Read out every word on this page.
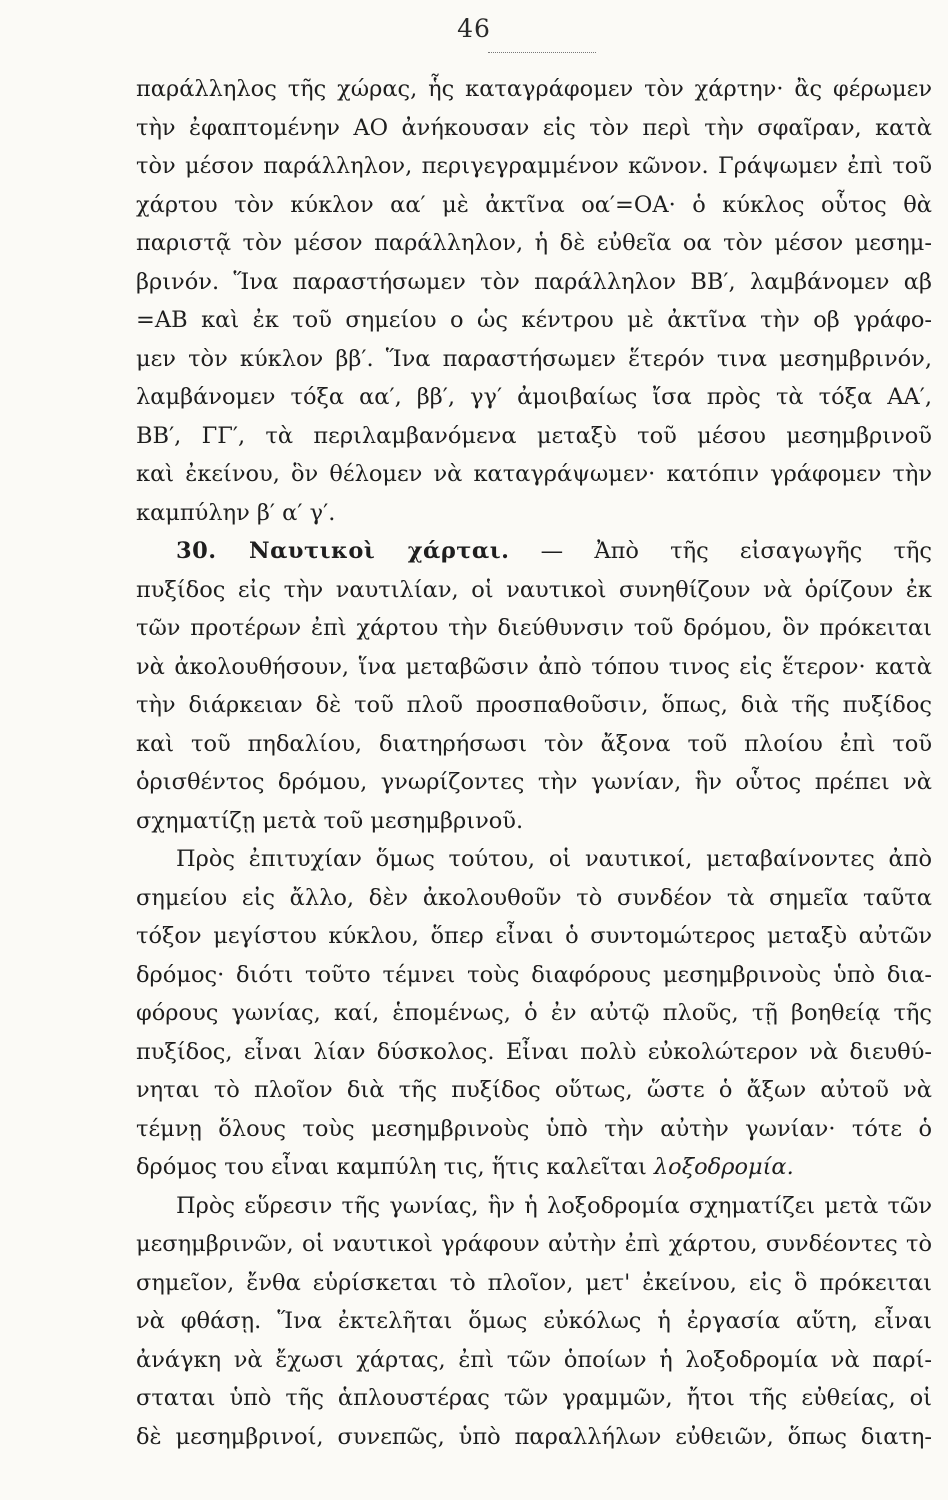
46
παράλληλος τῆς χώρας, ἧς καταγράφομεν τὸν χάρτην· ἂς φέρωμεν
τὴν ἐφαπτομένην ΑΟ ἀνήκουσαν εἰς τὸν περὶ τὴν σφαῖραν, κατὰ
τὸν μέσον παράλληλον, περιγεγραμμένον κῶνον. Γράψωμεν ἐπὶ τοῦ
χάρτου τὸν κύκλον αα′ μὲ ἀκτῖνα οα′=ΟΑ· ὁ κύκλος οὗτος θὰ
παριστᾷ τὸν μέσον παράλληλον, ἡ δὲ εὐθεῖα οα τὸν μέσον μεσημ-
βρινόν. Ἵνα παραστήσωμεν τὸν παράλληλον ΒΒ′, λαμβάνομεν αβ
=ΑΒ καὶ ἐκ τοῦ σημείου ο ὡς κέντρου μὲ ἀκτῖνα τὴν οβ γράφο-
μεν τὸν κύκλον ββ′. Ἵνα παραστήσωμεν ἕτερόν τινα μεσημβρινόν,
λαμβάνομεν τόξα αα′, ββ′, γγ′ ἀμοιβαίως ἴσα πρὸς τὰ τόξα ΑΑ′,
ΒΒ′, ΓΓ′, τὰ περιλαμβανόμενα μεταξὺ τοῦ μέσου μεσημβρινοῦ
καὶ ἐκείνου, ὃν θέλομεν νὰ καταγράψωμεν· κατόπιν γράφομεν τὴν
καμπύλην β′ α′ γ′.
30. Ναυτικοὶ χάρται. — Ἀπὸ τῆς εἰσαγωγῆς τῆς
πυξίδος εἰς τὴν ναυτιλίαν, οἱ ναυτικοὶ συνηθίζουν νὰ ὁρίζουν ἐκ
τῶν προτέρων ἐπὶ χάρτου τὴν διεύθυνσιν τοῦ δρόμου, ὃν πρόκειται
νὰ ἀκολουθήσουν, ἵνα μεταβῶσιν ἀπὸ τόπου τινος εἰς ἕτερον· κατὰ
τὴν διάρκειαν δὲ τοῦ πλοῦ προσπαθοῦσιν, ὅπως, διὰ τῆς πυξίδος
καὶ τοῦ πηδαλίου, διατηρήσωσι τὸν ἄξονα τοῦ πλοίου ἐπὶ τοῦ
ὁρισθέντος δρόμου, γνωρίζοντες τὴν γωνίαν, ἣν οὗτος πρέπει νὰ
σχηματίζῃ μετὰ τοῦ μεσημβρινοῦ.
Πρὸς ἐπιτυχίαν ὅμως τούτου, οἱ ναυτικοί, μεταβαίνοντες ἀπὸ
σημείου εἰς ἄλλο, δὲν ἀκολουθοῦν τὸ συνδέον τὰ σημεῖα ταῦτα
τόξον μεγίστου κύκλου, ὅπερ εἶναι ὁ συντομώτερος μεταξὺ αὐτῶν
δρόμος· διότι τοῦτο τέμνει τοὺς διαφόρους μεσημβρινοὺς ὑπὸ δια-
φόρους γωνίας, καί, ἑπομένως, ὁ ἐν αὐτῷ πλοῦς, τῇ βοηθείᾳ τῆς
πυξίδος, εἶναι λίαν δύσκολος. Εἶναι πολὺ εὐκολώτερον νὰ διευθύ-
νηται τὸ πλοῖον διὰ τῆς πυξίδος οὕτως, ὥστε ὁ ἄξων αὐτοῦ νὰ
τέμνῃ ὅλους τοὺς μεσημβρινοὺς ὑπὸ τὴν αὐτὴν γωνίαν· τότε ὁ
δρόμος του εἶναι καμπύλη τις, ἥτις καλεῖται λοξοδρομία.
Πρὸς εὕρεσιν τῆς γωνίας, ἣν ἡ λοξοδρομία σχηματίζει μετὰ τῶν
μεσημβρινῶν, οἱ ναυτικοὶ γράφουν αὐτὴν ἐπὶ χάρτου, συνδέοντες τὸ
σημεῖον, ἔνθα εὑρίσκεται τὸ πλοῖον, μετ' ἐκείνου, εἰς ὃ πρόκειται
νὰ φθάσῃ. Ἵνα ἐκτελῆται ὅμως εὐκόλως ἡ ἐργασία αὕτη, εἶναι
ἀνάγκη νὰ ἔχωσι χάρτας, ἐπὶ τῶν ὁποίων ἡ λοξοδρομία νὰ παρί-
σταται ὑπὸ τῆς ἁπλουστέρας τῶν γραμμῶν, ἤτοι τῆς εὐθείας, οἱ
δὲ μεσημβρινοί, συνεπῶς, ὑπὸ παραλλήλων εὐθειῶν, ὅπως διατη-
